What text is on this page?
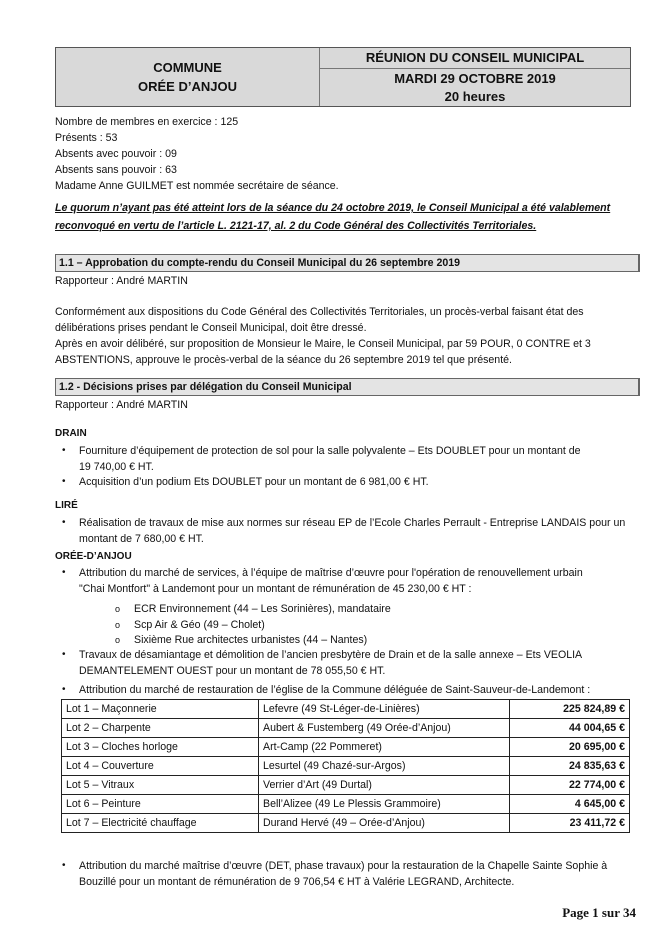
COMMUNE
ORÉE D’ANJOU
RÉUNION DU CONSEIL MUNICIPAL
MARDI 29 OCTOBRE 2019
20 heures
Nombre de membres en exercice : 125
Présents : 53
Absents avec pouvoir : 09
Absents sans pouvoir : 63
Madame Anne GUILMET est nommée secrétaire de séance.
Le quorum n’ayant pas été atteint lors de la séance du 24 octobre 2019, le Conseil Municipal a été valablement
reconvoqué en vertu de l’article L. 2121-17, al. 2 du Code Général des Collectivités Territoriales.
1.1 – Approbation du compte-rendu du Conseil Municipal du 26 septembre 2019
Rapporteur : André MARTIN
Conformément aux dispositions du Code Général des Collectivités Territoriales, un procès-verbal faisant état des
délibérations prises pendant le Conseil Municipal, doit être dressé.
Après en avoir délibéré, sur proposition de Monsieur le Maire, le Conseil Municipal, par 59 POUR, 0 CONTRE et 3
ABSTENTIONS, approuve le procès-verbal de la séance du 26 septembre 2019 tel que présenté.
1.2 - Décisions prises par délégation du Conseil Municipal
Rapporteur : André MARTIN
DRAIN
• Fourniture d’équipement de protection de sol pour la salle polyvalente – Ets DOUBLET pour un montant de
19 740,00 € HT.
• Acquisition d’un podium Ets DOUBLET pour un montant de 6 981,00 € HT.
LIRÉ
• Réalisation de travaux de mise aux normes sur réseau EP de l’Ecole Charles Perrault - Entreprise LANDAIS pour un
montant de 7 680,00 € HT.
ORÉE-D’ANJOU
• Attribution du marché de services, à l’équipe de maîtrise d’œuvre pour l'opération de renouvellement urbain
"Chai Montfort" à Landemont pour un montant de rémunération de 45 230,00 € HT :
o ECR Environnement (44 – Les Sorinières), mandataire
o Scp Air & Géo (49 – Cholet)
o Sixième Rue architectes urbanistes (44 – Nantes)
• Travaux de désamiantage et démolition de l’ancien presbytère de Drain et de la salle annexe – Ets VEOLIA
DEMANTELEMENT OUEST pour un montant de 78 055,50 € HT.
• Attribution du marché de restauration de l’église de la Commune déléguée de Saint-Sauveur-de-Landemont :
Lot 1 – Maçonnerie	Lefevre (49 St-Léger-de-Linières)	225 824,89 €
Lot 2 – Charpente	Aubert & Fustemberg (49 Orée-d’Anjou)	44 004,65 €
Lot 3 – Cloches horloge	Art-Camp (22 Pommeret)	20 695,00 €
Lot 4 – Couverture	Lesurtel (49 Chazé-sur-Argos)	24 835,63 €
Lot 5 – Vitraux	Verrier d’Art (49 Durtal)	22 774,00 €
Lot 6 – Peinture	Bell’Alizee (49 Le Plessis Grammoire)	4 645,00 €
Lot 7 – Electricité chauffage	Durand Hervé (49 – Orée-d’Anjou)	23 411,72 €
• Attribution du marché maîtrise d’œuvre (DET, phase travaux) pour la restauration de la Chapelle Sainte Sophie à
Bouzillé pour un montant de rémunération de 9 706,54 € HT à Valérie LEGRAND, Architecte.
Page 1 sur 34
